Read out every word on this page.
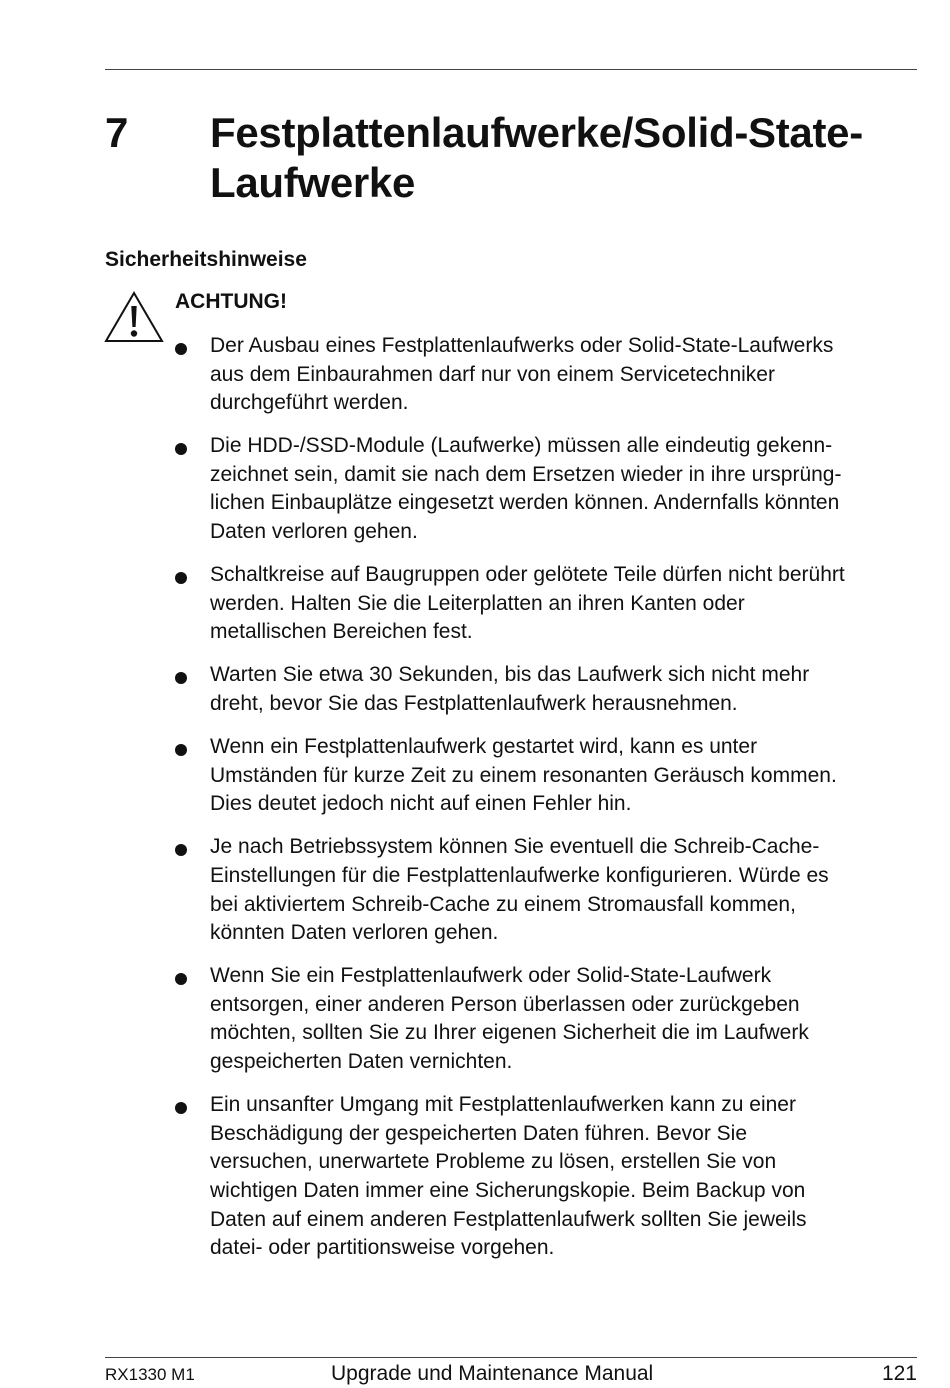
7 Festplattenlaufwerke/Solid-State-
Laufwerke
Sicherheitshinweise
ACHTUNG!
Der Ausbau eines Festplattenlaufwerks oder Solid-State-Laufwerks
aus dem Einbaurahmen darf nur von einem Servicetechniker
durchgeführt werden.
Die HDD-/SSD-Module (Laufwerke) müssen alle eindeutig gekenn-
zeichnet sein, damit sie nach dem Ersetzen wieder in ihre ursprüng-
lichen Einbauplätze eingesetzt werden können. Andernfalls könnten
Daten verloren gehen.
Schaltkreise auf Baugruppen oder gelötete Teile dürfen nicht berührt
werden. Halten Sie die Leiterplatten an ihren Kanten oder
metallischen Bereichen fest.
Warten Sie etwa 30 Sekunden, bis das Laufwerk sich nicht mehr
dreht, bevor Sie das Festplattenlaufwerk herausnehmen.
Wenn ein Festplattenlaufwerk gestartet wird, kann es unter
Umständen für kurze Zeit zu einem resonanten Geräusch kommen.
Dies deutet jedoch nicht auf einen Fehler hin.
Je nach Betriebssystem können Sie eventuell die Schreib-Cache-
Einstellungen für die Festplattenlaufwerke konfigurieren. Würde es
bei aktiviertem Schreib-Cache zu einem Stromausfall kommen,
könnten Daten verloren gehen.
Wenn Sie ein Festplattenlaufwerk oder Solid-State-Laufwerk
entsorgen, einer anderen Person überlassen oder zurückgeben
möchten, sollten Sie zu Ihrer eigenen Sicherheit die im Laufwerk
gespeicherten Daten vernichten.
Ein unsanfter Umgang mit Festplattenlaufwerken kann zu einer
Beschädigung der gespeicherten Daten führen. Bevor Sie
versuchen, unerwartete Probleme zu lösen, erstellen Sie von
wichtigen Daten immer eine Sicherungskopie. Beim Backup von
Daten auf einem anderen Festplattenlaufwerk sollten Sie jeweils
datei- oder partitionsweise vorgehen.
RX1330 M1	Upgrade und Maintenance Manual	121
